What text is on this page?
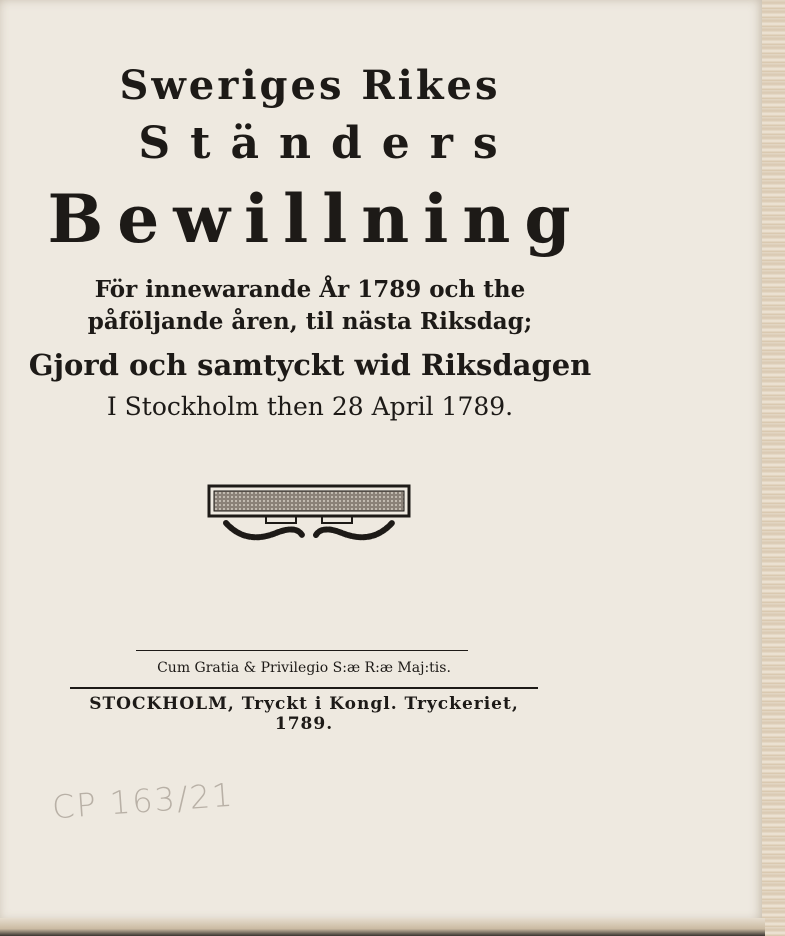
Sweriges Rikes
Ständers
Bewillning
För innewarande År 1789 och the
påföljande åren, til nästa Riksdag;
Gjord och samtyckt wid Riksdagen
I Stockholm then 28 April 1789.
Cum Gratia & Privilegio S:æ R:æ Maj:tis.
STOCKHOLM, Tryckt i Kongl. Tryckeriet, 1789.
CP 163/21
